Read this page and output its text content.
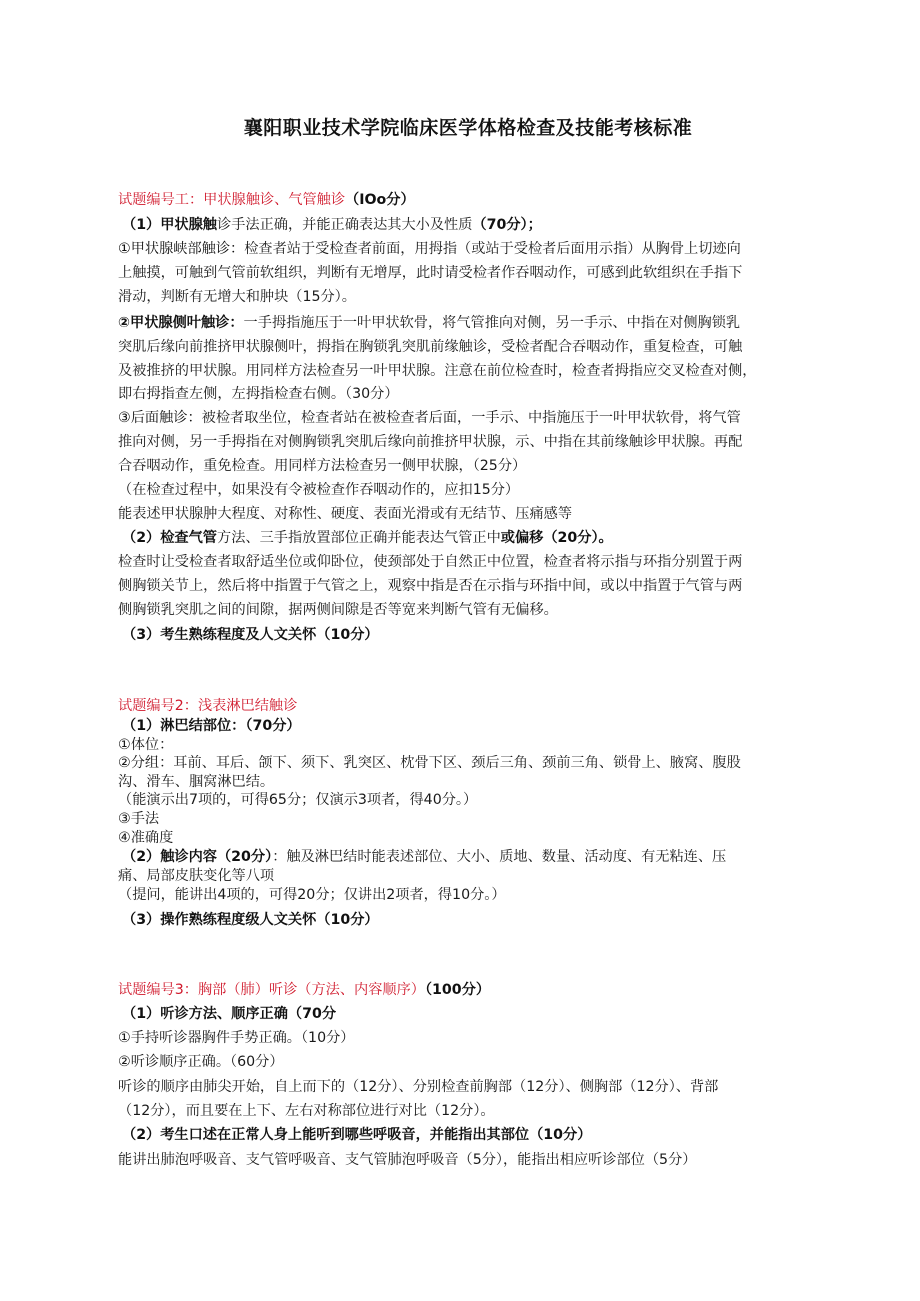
襄阳职业技术学院临床医学体格检查及技能考核标准
试题编号工：甲状腺触诊、气管触诊（IOo分）
（1）甲状腺触诊手法正确，并能正确表达其大小及性质（70分）；
①甲状腺峡部触诊：检查者站于受检查者前面，用拇指（或站于受检者后面用示指）从胸骨上切迹向
上触摸，可触到气管前软组织，判断有无增厚，此时请受检者作吞咽动作，可感到此软组织在手指下
滑动，判断有无增大和肿块（15分）。
②甲状腺侧叶触诊：一手拇指施压于一叶甲状软骨，将气管推向对侧，另一手示、中指在对侧胸锁乳
突肌后缘向前推挤甲状腺侧叶，拇指在胸锁乳突肌前缘触诊，受检者配合吞咽动作，重复检查，可触
及被推挤的甲状腺。用同样方法检查另一叶甲状腺。注意在前位检查时，检查者拇指应交叉检查对侧，
即右拇指查左侧，左拇指检查右侧。（30分）
③后面触诊：被检者取坐位，检查者站在被检查者后面，一手示、中指施压于一叶甲状软骨，将气管
推向对侧，另一手拇指在对侧胸锁乳突肌后缘向前推挤甲状腺，示、中指在其前缘触诊甲状腺。再配
合吞咽动作，重免检查。用同样方法检查另一侧甲状腺，（25分）
（在检查过程中，如果没有令被检查作吞咽动作的，应扣15分）
能表述甲状腺肿大程度、对称性、硬度、表面光滑或有无结节、压痛感等
（2）检查气管方法、三手指放置部位正确并能表达气管正中或偏移（20分）。
检查时让受检查者取舒适坐位或仰卧位，使颈部处于自然正中位置，检查者将示指与环指分别置于两
侧胸锁关节上，然后将中指置于气管之上，观察中指是否在示指与环指中间，或以中指置于气管与两
侧胸锁乳突肌之间的间隙，据两侧间隙是否等宽来判断气管有无偏移。
（3）考生熟练程度及人文关怀（10分）
试题编号2：浅表淋巴结触诊
（1）淋巴结部位：（70分）
①体位：
②分组：耳前、耳后、颌下、须下、乳突区、枕骨下区、颈后三角、颈前三角、锁骨上、腋窝、腹股
沟、滑车、腘窝淋巴结。
（能演示出7项的，可得65分；仅演示3项者，得40分。）
③手法
④准确度
（2）触诊内容（20分）：触及淋巴结时能表述部位、大小、质地、数量、活动度、有无粘连、压
痛、局部皮肤变化等八项
（提问，能讲出4项的，可得20分；仅讲出2项者，得10分。）
（3）操作熟练程度级人文关怀（10分）
试题编号3：胸部（肺）听诊（方法、内容顺序）（100分）
（1）听诊方法、顺序正确（70分
①手持听诊器胸件手势正确。（10分）
②听诊顺序正确。（60分）
听诊的顺序由肺尖开始，自上而下的（12分）、分别检查前胸部（12分）、侧胸部（12分）、背部
（12分），而且要在上下、左右对称部位进行对比（12分）。
（2）考生口述在正常人身上能听到哪些呼吸音，并能指出其部位（10分）
能讲出肺泡呼吸音、支气管呼吸音、支气管肺泡呼吸音（5分），能指出相应听诊部位（5分）
